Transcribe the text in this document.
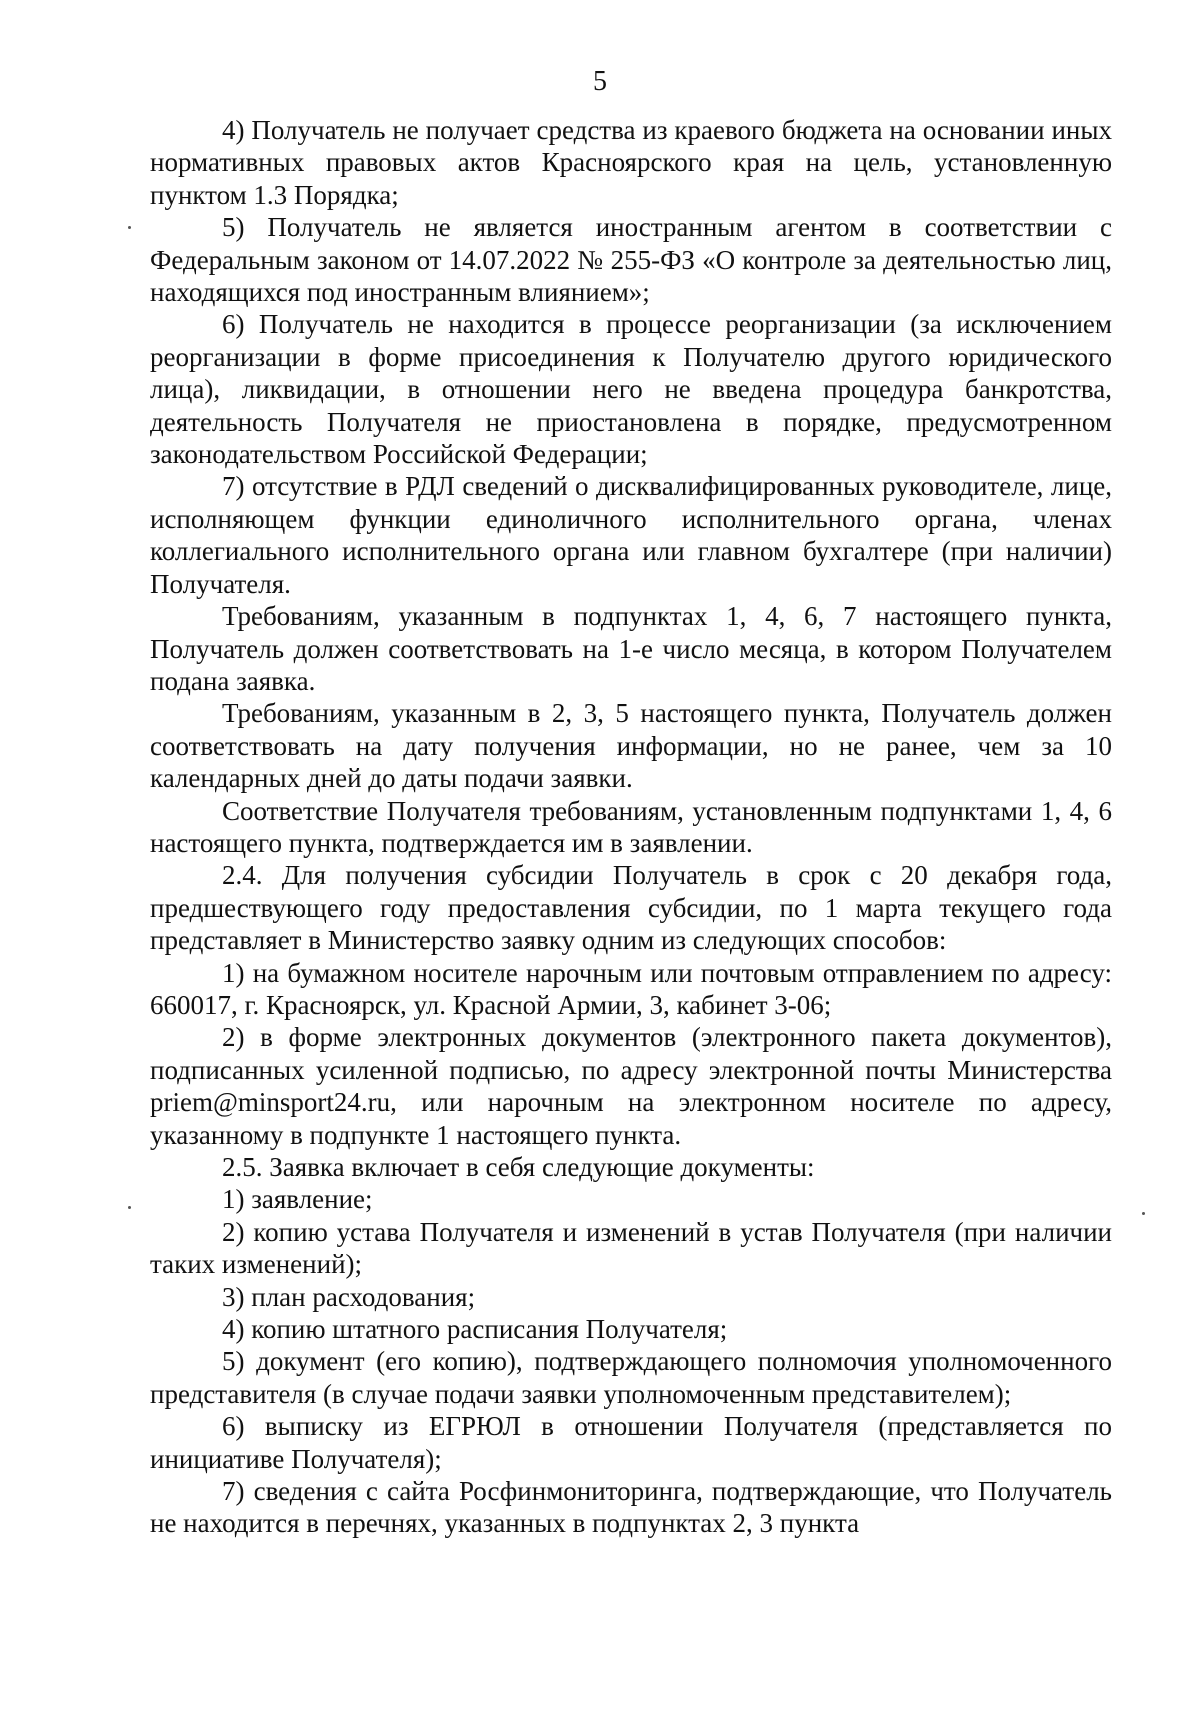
5

4) Получатель не получает средства из краевого бюджета на основании иных нормативных правовых актов Красноярского края на цель, установленную пунктом 1.3 Порядка;

5) Получатель не является иностранным агентом в соответствии с Федеральным законом от 14.07.2022 № 255-ФЗ «О контроле за деятельностью лиц, находящихся под иностранным влиянием»;

6) Получатель не находится в процессе реорганизации (за исключением реорганизации в форме присоединения к Получателю другого юридического лица), ликвидации, в отношении него не введена процедура банкротства, деятельность Получателя не приостановлена в порядке, предусмотренном законодательством Российской Федерации;

7) отсутствие в РДЛ сведений о дисквалифицированных руководителе, лице, исполняющем функции единоличного исполнительного органа, членах коллегиального исполнительного органа или главном бухгалтере (при наличии) Получателя.

Требованиям, указанным в подпунктах 1, 4, 6, 7 настоящего пункта, Получатель должен соответствовать на 1-е число месяца, в котором Получателем подана заявка.

Требованиям, указанным в 2, 3, 5 настоящего пункта, Получатель должен соответствовать на дату получения информации, но не ранее, чем за 10 календарных дней до даты подачи заявки.

Соответствие Получателя требованиям, установленным подпунктами 1, 4, 6 настоящего пункта, подтверждается им в заявлении.

2.4. Для получения субсидии Получатель в срок с 20 декабря года, предшествующего году предоставления субсидии, по 1 марта текущего года представляет в Министерство заявку одним из следующих способов:

1) на бумажном носителе нарочным или почтовым отправлением по адресу: 660017, г. Красноярск, ул. Красной Армии, 3, кабинет 3-06;

2) в форме электронных документов (электронного пакета документов), подписанных усиленной подписью, по адресу электронной почты Министерства priem@minsport24.ru, или нарочным на электронном носителе по адресу, указанному в подпункте 1 настоящего пункта.

2.5. Заявка включает в себя следующие документы:

1) заявление;

2) копию устава Получателя и изменений в устав Получателя (при наличии таких изменений);

3) план расходования;

4) копию штатного расписания Получателя;

5) документ (его копию), подтверждающего полномочия уполномоченного представителя (в случае подачи заявки уполномоченным представителем);

6) выписку из ЕГРЮЛ в отношении Получателя (представляется по инициативе Получателя);

7) сведения с сайта Росфинмониторинга, подтверждающие, что Получатель не находится в перечнях, указанных в подпунктах 2, 3 пункта
